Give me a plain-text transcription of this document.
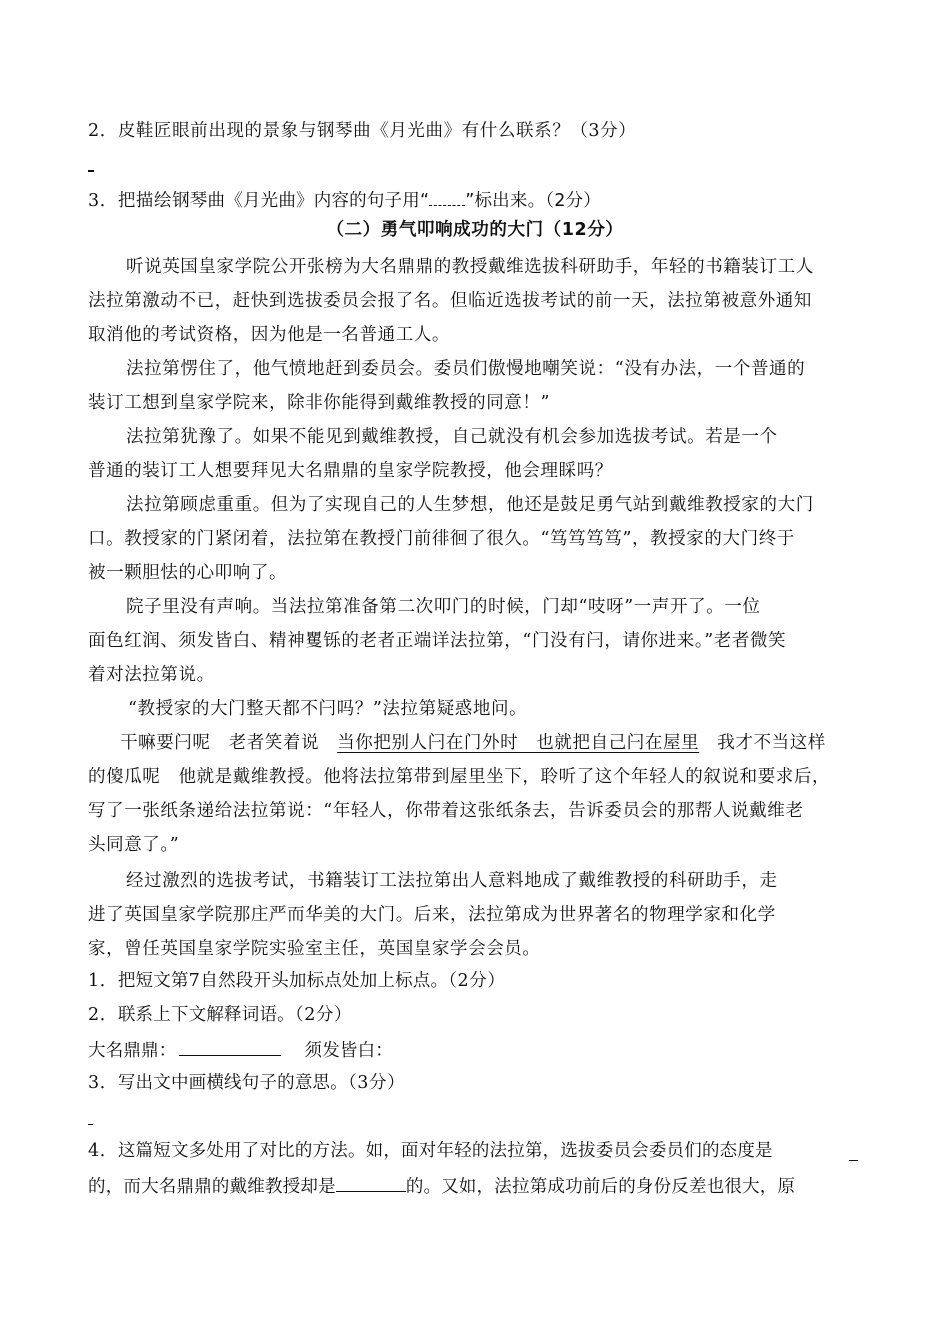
2．皮鞋匠眼前出现的景象与钢琴曲《月光曲》有什么联系？（3分）
3．把描绘钢琴曲《月光曲》内容的句子用“ ”标出来。（2分）
（二）勇气叩响成功的大门（12分）
听说英国皇家学院公开张榜为大名鼎鼎的教授戴维选拔科研助手，年轻的书籍装订工人
法拉第激动不已，赶快到选拔委员会报了名。但临近选拔考试的前一天，法拉第被意外通知
取消他的考试资格，因为他是一名普通工人。
法拉第愣住了，他气愤地赶到委员会。委员们傲慢地嘲笑说：“没有办法，一个普通的
装订工想到皇家学院来，除非你能得到戴维教授的同意！”
法拉第犹豫了。如果不能见到戴维教授，自己就没有机会参加选拔考试。若是一个
普通的装订工人想要拜见大名鼎鼎的皇家学院教授，他会理睬吗？
法拉第顾虑重重。但为了实现自己的人生梦想，他还是鼓足勇气站到戴维教授家的大门
口。教授家的门紧闭着，法拉第在教授门前徘徊了很久。“笃笃笃笃”，教授家的大门终于
被一颗胆怯的心叩响了。
院子里没有声响。当法拉第准备第二次叩门的时候，门却“吱呀”一声开了。一位
面色红润、须发皆白、精神矍铄的老者正端详法拉第，“门没有闩，请你进来。”老者微笑
着对法拉第说。
“教授家的大门整天都不闩吗？”法拉第疑惑地问。
干嘛要闩呢　老者笑着说　当你把别人闩在门外时　也就把自己闩在屋里　我才不当这样
的傻瓜呢　他就是戴维教授。他将法拉第带到屋里坐下，聆听了这个年轻人的叙说和要求后，
写了一张纸条递给法拉第说：“年轻人，你带着这张纸条去，告诉委员会的那帮人说戴维老
头同意了。”
经过激烈的选拔考试，书籍装订工法拉第出人意料地成了戴维教授的科研助手，走
进了英国皇家学院那庄严而华美的大门。后来，法拉第成为世界著名的物理学家和化学
家，曾任英国皇家学院实验室主任，英国皇家学会会员。
1．把短文第7自然段开头加标点处加上标点。（2分）
2．联系上下文解释词语。（2分）
大名鼎鼎：	须发皆白：
3．写出文中画横线句子的意思。（3分）
4．这篇短文多处用了对比的方法。如，面对年轻的法拉第，选拔委员会委员们的态度是
的，而大名鼎鼎的戴维教授却是	的。又如，法拉第成功前后的身份反差也很大，原
